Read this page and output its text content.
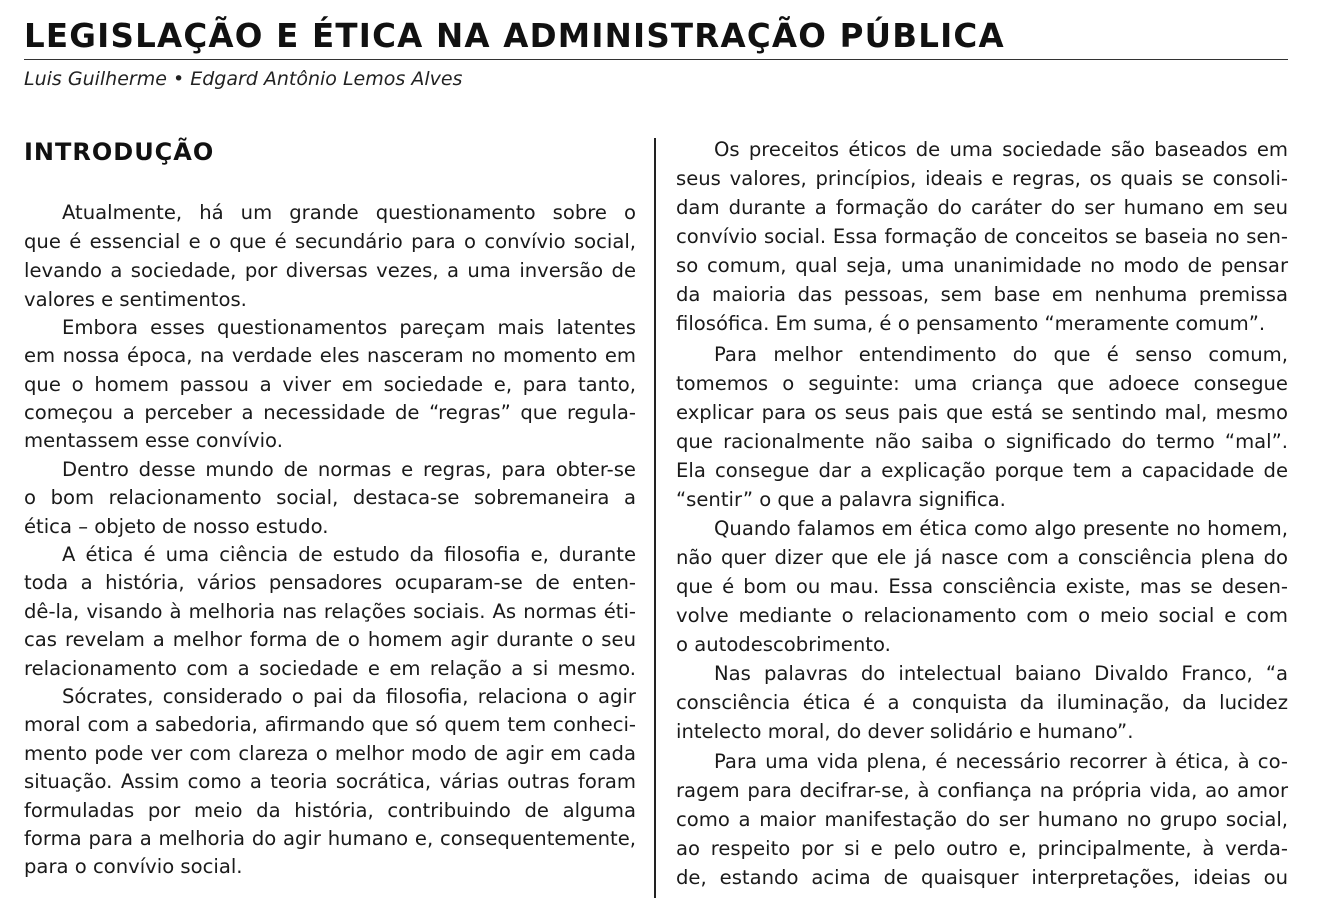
LEGISLAÇÃO E ÉTICA NA ADMINISTRAÇÃO PÚBLICA
Luis Guilherme • Edgard Antônio Lemos Alves
INTRODUÇÃO
Atualmente, há um grande questionamento sobre o
que é essencial e o que é secundário para o convívio social,
levando a sociedade, por diversas vezes, a uma inversão de
valores e sentimentos.
Embora esses questionamentos pareçam mais latentes
em nossa época, na verdade eles nasceram no momento em
que o homem passou a viver em sociedade e, para tanto,
começou a perceber a necessidade de “regras” que regula-
mentassem esse convívio.
Dentro desse mundo de normas e regras, para obter-se
o bom relacionamento social, destaca-se sobremaneira a
ética – objeto de nosso estudo.
A ética é uma ciência de estudo da filosofia e, durante
toda a história, vários pensadores ocuparam-se de enten-
dê-la, visando à melhoria nas relações sociais. As normas éti-
cas revelam a melhor forma de o homem agir durante o seu
relacionamento com a sociedade e em relação a si mesmo.
Sócrates, considerado o pai da filosofia, relaciona o agir
moral com a sabedoria, afirmando que só quem tem conheci-
mento pode ver com clareza o melhor modo de agir em cada
situação. Assim como a teoria socrática, várias outras foram
formuladas por meio da história, contribuindo de alguma
forma para a melhoria do agir humano e, consequentemente,
para o convívio social.
Os preceitos éticos de uma sociedade são baseados em
seus valores, princípios, ideais e regras, os quais se consoli-
dam durante a formação do caráter do ser humano em seu
convívio social. Essa formação de conceitos se baseia no sen-
so comum, qual seja, uma unanimidade no modo de pensar
da maioria das pessoas, sem base em nenhuma premissa
filosófica. Em suma, é o pensamento “meramente comum”.
Para melhor entendimento do que é senso comum,
tomemos o seguinte: uma criança que adoece consegue
explicar para os seus pais que está se sentindo mal, mesmo
que racionalmente não saiba o significado do termo “mal”.
Ela consegue dar a explicação porque tem a capacidade de
“sentir” o que a palavra significa.
Quando falamos em ética como algo presente no homem,
não quer dizer que ele já nasce com a consciência plena do
que é bom ou mau. Essa consciência existe, mas se desen-
volve mediante o relacionamento com o meio social e com
o autodescobrimento.
Nas palavras do intelectual baiano Divaldo Franco, “a
consciência ética é a conquista da iluminação, da lucidez
intelecto moral, do dever solidário e humano”.
Para uma vida plena, é necessário recorrer à ética, à co-
ragem para decifrar-se, à confiança na própria vida, ao amor
como a maior manifestação do ser humano no grupo social,
ao respeito por si e pelo outro e, principalmente, à verda-
de, estando acima de quaisquer interpretações, ideias ou
